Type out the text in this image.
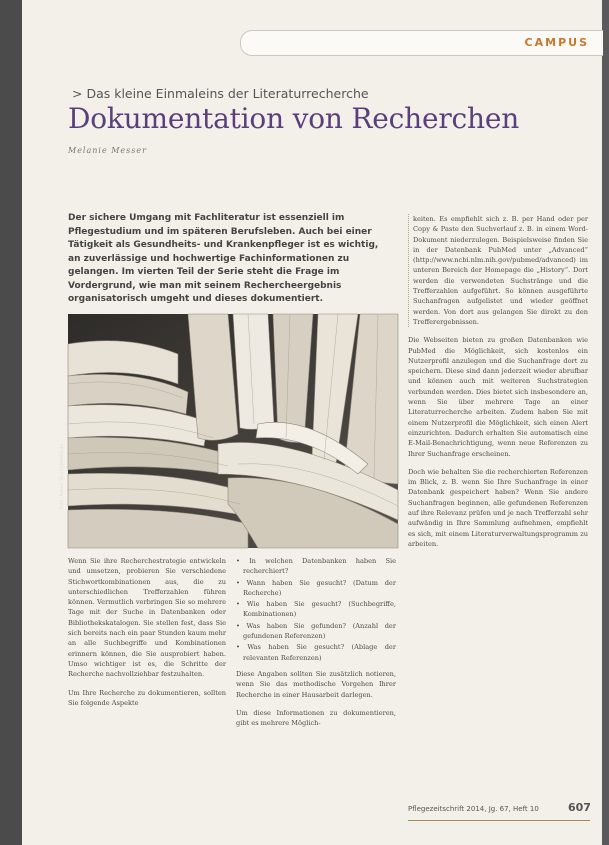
CAMPUS
> Das kleine Einmaleins der Literaturrecherche
Dokumentation von Recherchen
Melanie Messer

Der sichere Umgang mit Fachliteratur ist essenziell im Pflegestudium und im späteren Berufsleben. Auch bei einer Tätigkeit als Gesundheits- und Krankenpfleger ist es wichtig, an zuverlässige und hochwertige Fachinformationen zu gelangen. Im vierten Teil der Serie steht die Frage im Vordergrund, wie man mit seinem Rechercheergebnis organisatorisch umgeht und dieses dokumentiert.

Foto: Rainer Sturm/pixelio.de

Wenn Sie ihre Recherchestrategie entwickeln und umsetzen, probieren Sie verschiedene Stichwortkombinationen aus, die zu unterschiedlichen Trefferzahlen führen können. Vermutlich verbringen Sie so mehrere Tage mit der Suche in Datenbanken oder Bibliothekskatalogen. Sie stellen fest, dass Sie sich bereits nach ein paar Stunden kaum mehr an alle Suchbegriffe und Kombinationen erinnern können, die Sie ausprobiert haben. Umso wichtiger ist es, die Schritte der Recherche nachvollziehbar festzuhalten.

Um Ihre Recherche zu dokumentieren, sollten Sie folgende Aspekte

• In welchen Datenbanken haben Sie recherchiert?
• Wann haben Sie gesucht? (Datum der Recherche)
• Wie haben Sie gesucht? (Suchbegriffe, Kombinationen)
• Was haben Sie gefunden? (Anzahl der gefundenen Referenzen)
• Was haben Sie gesucht? (Ablage der relevanten Referenzen)

Diese Angaben sollten Sie zusätzlich notieren, wenn Sie das methodische Vorgehen Ihrer Recherche in einer Hausarbeit darlegen.

Um diese Informationen zu dokumentieren, gibt es mehrere Möglich-

keiten. Es empfiehlt sich z. B. per Hand oder per Copy & Paste den Suchverlauf z. B. in einem Word-Dokument niederzulegen. Beispielsweise finden Sie in der Datenbank PubMed unter „Advanced“ (http://www.ncbi.nlm.nih.gov/pubmed/advanced) im unteren Bereich der Homepage die „History“. Dort werden die verwendeten Suchstränge und die Trefferzahlen aufgeführt. So können ausgeführte Suchanfragen aufgelistet und wieder geöffnet werden. Von dort aus gelangen Sie direkt zu den Trefferergebnissen.

Die Webseiten bieten zu großen Datenbanken wie PubMed die Möglichkeit, sich kostenlos ein Nutzerprofil anzulegen und die Suchanfrage dort zu speichern. Diese sind dann jederzeit wieder abrufbar und können auch mit weiteren Suchstrategien verbunden werden. Dies bietet sich insbesondere an, wenn Sie über mehrere Tage an einer Literaturrecherche arbeiten. Zudem haben Sie mit einem Nutzerprofil die Möglichkeit, sich einen Alert einzurichten. Dadurch erhalten Sie automatisch eine E-Mail-Benachrichtigung, wenn neue Referenzen zu Ihrer Suchanfrage erscheinen.

Doch wie behalten Sie die recherchierten Referenzen im Blick, z. B. wenn Sie Ihre Suchanfrage in einer Datenbank gespeichert haben? Wenn Sie andere Suchanfragen beginnen, alle gefundenen Referenzen auf ihre Relevanz prüfen und je nach Trefferzahl sehr aufwändig in Ihre Sammlung aufnehmen, empfiehlt es sich, mit einem Literaturverwaltungsprogramm zu arbeiten.

Pflegezeitschrift 2014, Jg. 67, Heft 10	607
